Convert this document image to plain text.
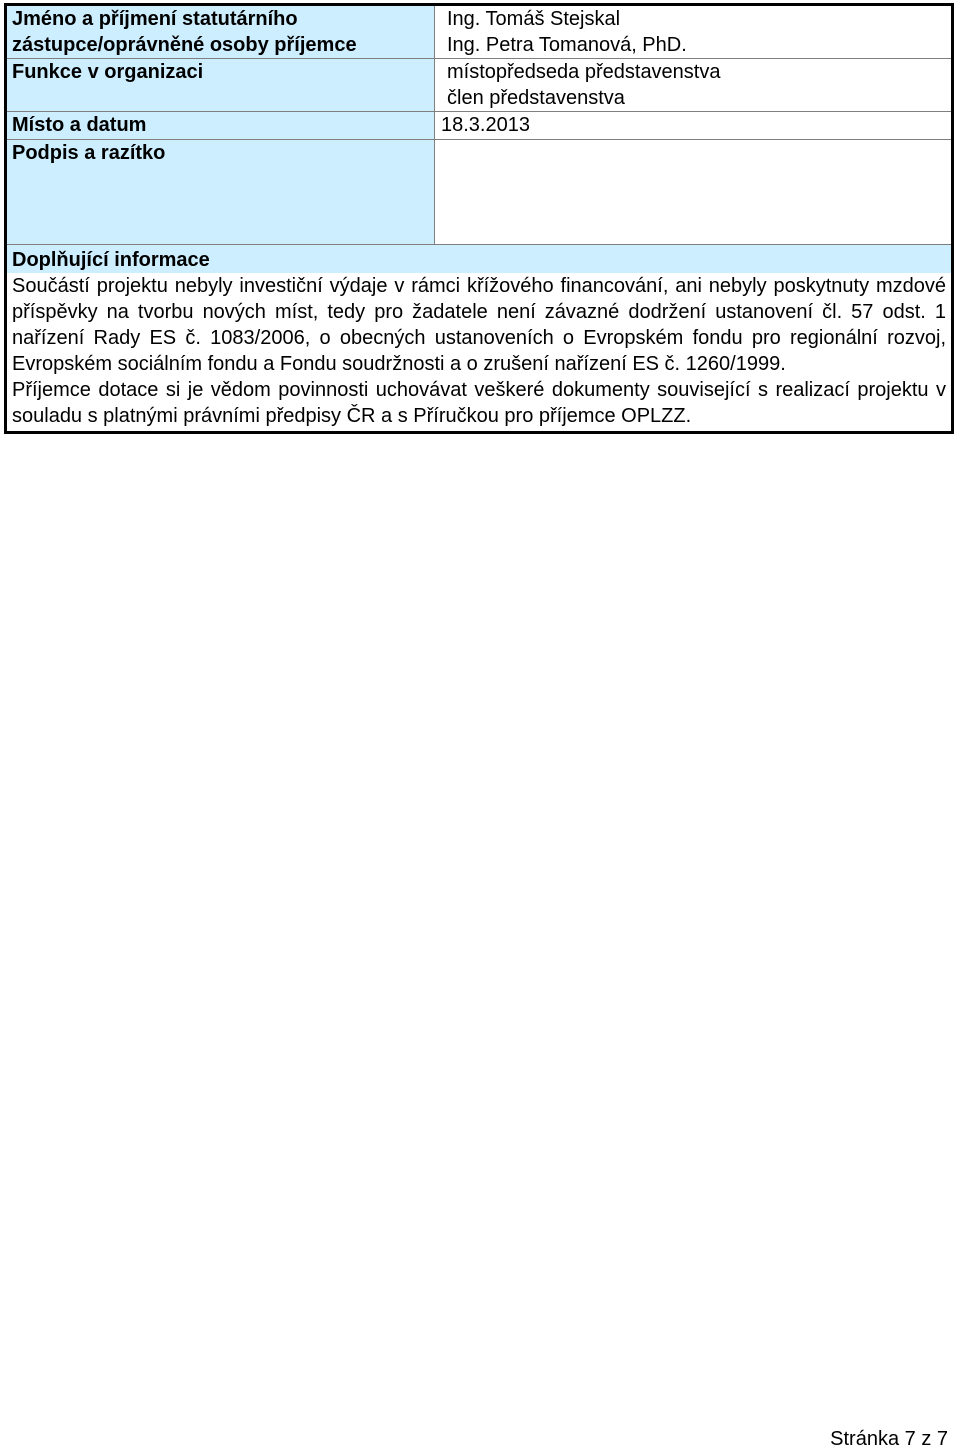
Jméno a příjmení statutárního
zástupce/oprávněné osoby příjemce
Ing. Tomáš Stejskal
Ing. Petra Tomanová, PhD.
Funkce v organizaci	místopředseda představenstva
člen představenstva
Místo a datum	18.3.2013
Podpis a razítko
Doplňující informace

Součástí projektu nebyly investiční výdaje v rámci křížového financování, ani nebyly poskytnuty mzdové příspěvky na tvorbu nových míst, tedy pro žadatele není závazné dodržení ustanovení čl. 57 odst. 1 nařízení Rady ES č. 1083/2006, o obecných ustanoveních o Evropském fondu pro regionální rozvoj, Evropském sociálním fondu a Fondu soudržnosti a o zrušení nařízení ES č. 1260/1999.

Příjemce dotace si je vědom povinnosti uchovávat veškeré dokumenty související s realizací projektu v souladu s platnými právními předpisy ČR a s Příručkou pro příjemce OPLZZ.

Stránka 7 z 7
